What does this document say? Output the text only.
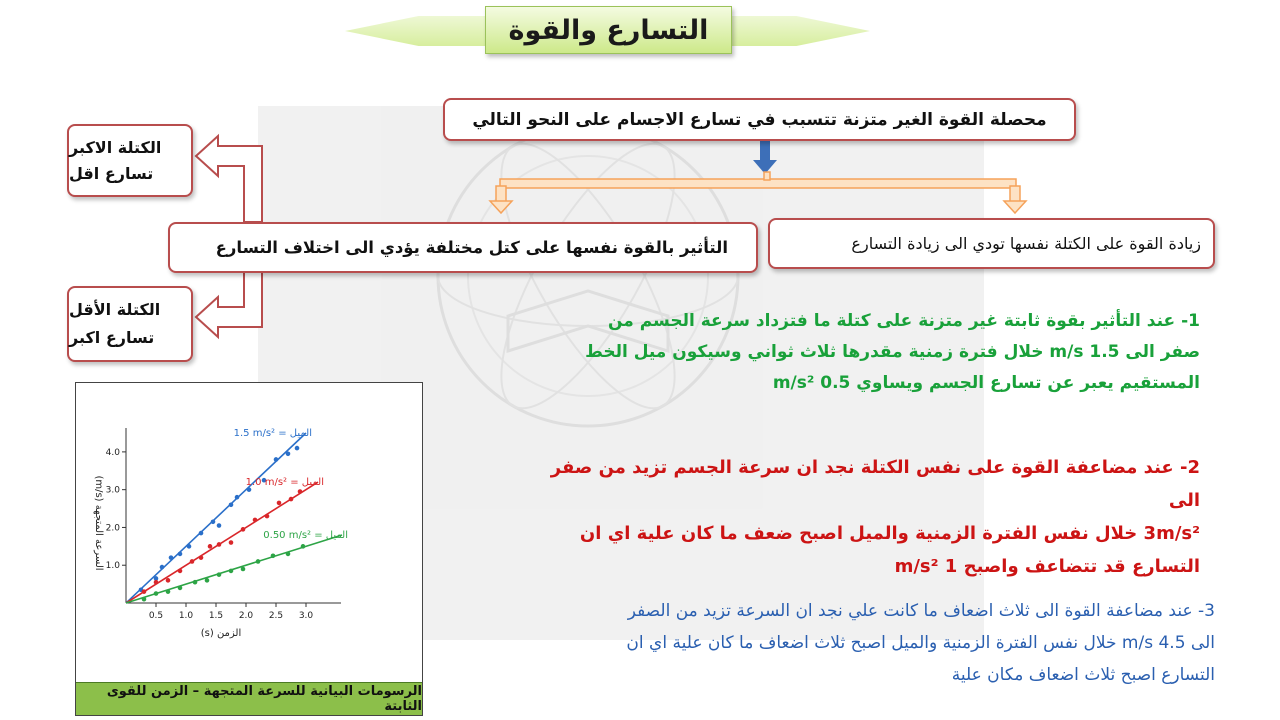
التسارع والقوة
محصلة القوة الغير متزنة تتسبب في تسارع الاجسام على النحو التالي
زيادة القوة على الكتلة نفسها تودي الى زيادة التسارع
التأثير بالقوة نفسها على كتل مختلفة يؤدي الى اختلاف التسارع
الكتلة الاكبر
تسارع اقل
الكتلة الأقل
تسارع اكبر

1- عند التأثير بقوة ثابتة غير متزنة على كتلة ما فتزداد سرعة الجسم من

صفر الى 1.5 m/s خلال فترة زمنية مقدرها ثلاث ثواني وسيكون ميل الخط

المستقيم يعبر عن تسارع الجسم ويساوي 0.5 m/s²

2- عند مضاعفة القوة على نفس الكتلة نجد ان سرعة الجسم تزيد من صفر الى

3m/s² خلال نفس الفترة الزمنية والميل اصبح ضعف ما كان علية اي ان

التسارع قد تتضاعف واصبح 1 m/s²

3- عند مضاعفة القوة الى ثلاث اضعاف ما كانت علي نجد ان السرعة تزيد من الصفر

الى 4.5 m/s خلال نفس الفترة الزمنية والميل اصبح ثلاث اضعاف ما كان علية اي ان

التسارع اصبح ثلاث اضعاف مكان علية

0.5 1.0 1.5 2.0 2.5 3.0
1.0
2.0
3.0
4.0
1.5 m/s² = الميل
1.0 m/s² = الميل
0.50 m/s² = الميل
الزمن (s)
السرعة المتجهة (m/s)
الرسومات البيانية للسرعة المتجهة – الزمن للقوى الثابتة
